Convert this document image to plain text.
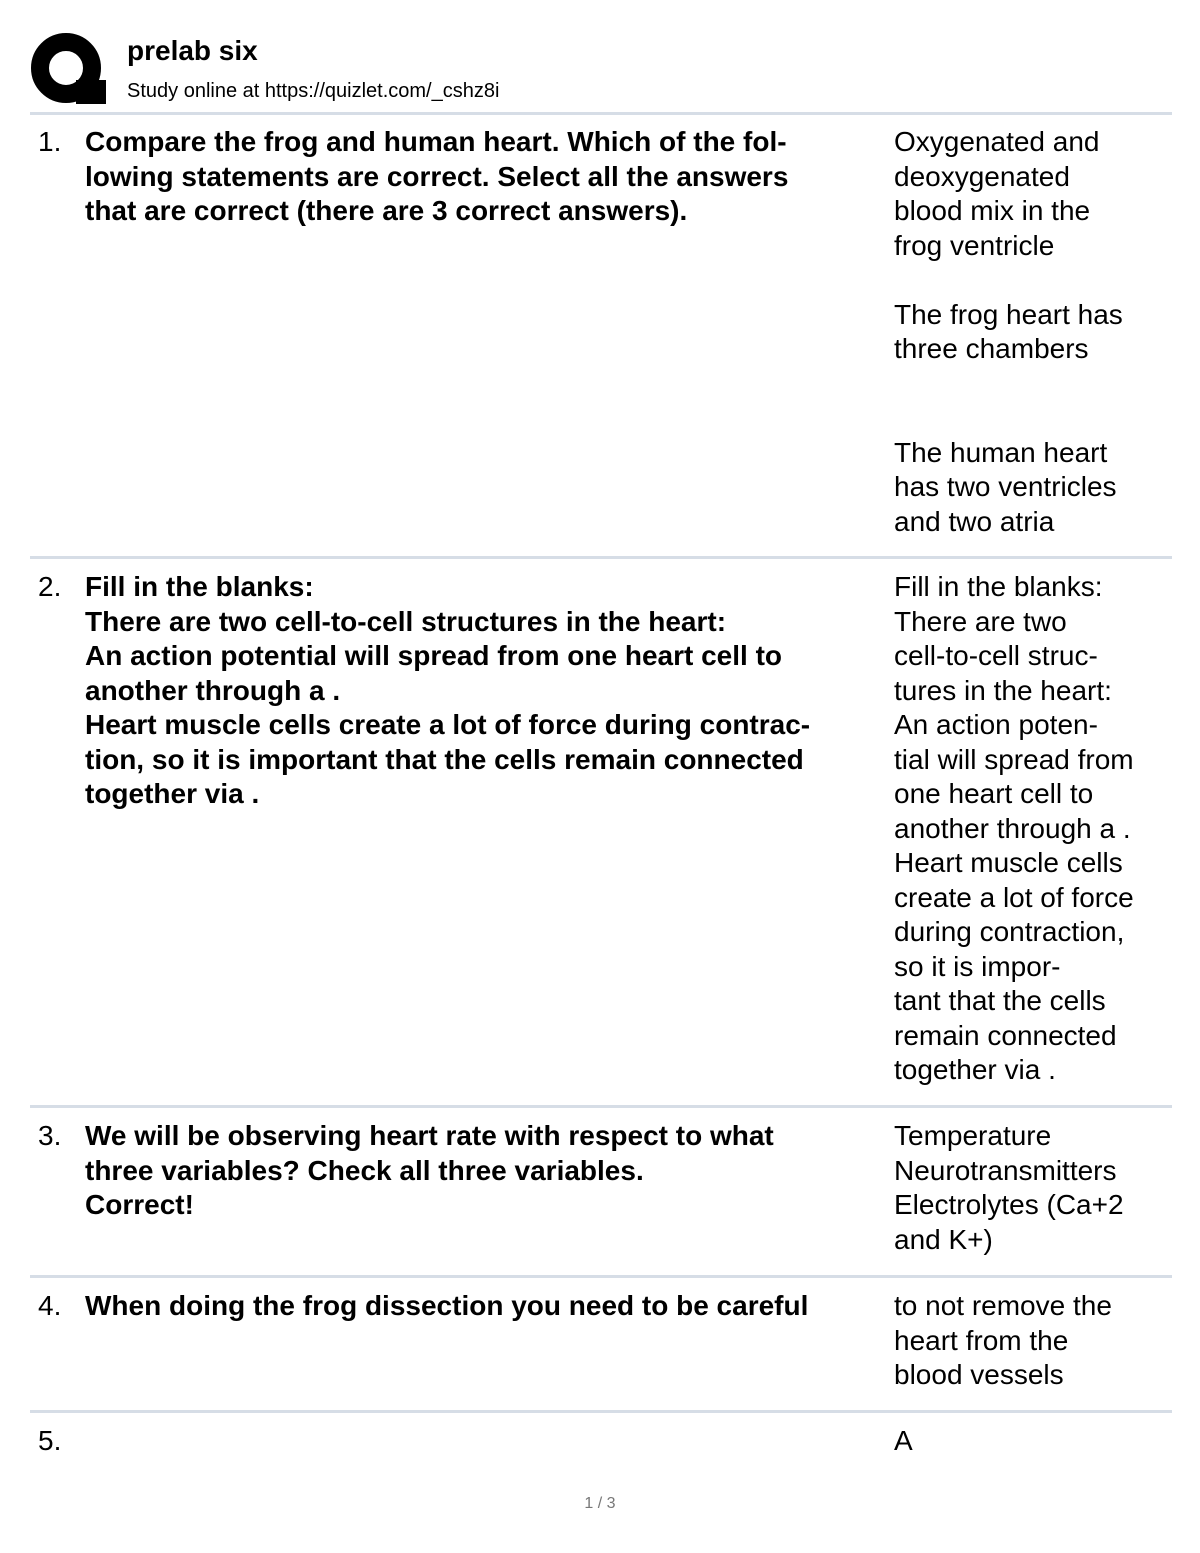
prelab six
Study online at https://quizlet.com/_cshz8i
1. Compare the frog and human heart. Which of the fol-
lowing statements are correct. Select all the answers
that are correct (there are 3 correct answers).
Oxygenated and
deoxygenated
blood mix in the
frog ventricle

The frog heart has
three chambers

The human heart
has two ventricles
and two atria
2. Fill in the blanks:
There are two cell-to-cell structures in the heart:
An action potential will spread from one heart cell to
another through a .
Heart muscle cells create a lot of force during contrac-
tion, so it is important that the cells remain connected
together via .
Fill in the blanks:
There are two
cell-to-cell struc-
tures in the heart:
An action poten-
tial will spread from
one heart cell to
another through a .
Heart muscle cells
create a lot of force
during contraction,
so it is impor-
tant that the cells
remain connected
together via .
3. We will be observing heart rate with respect to what
three variables? Check all three variables.
Correct!
Temperature
Neurotransmitters
Electrolytes (Ca+2
and K+)
4. When doing the frog dissection you need to be careful	to not remove the
heart from the
blood vessels
5.	A
1 / 3
